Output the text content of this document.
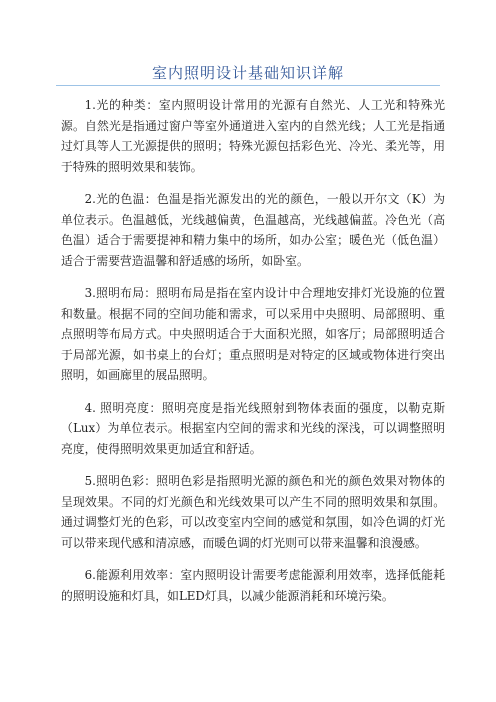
室内照明设计基础知识详解

1.光的种类：室内照明设计常用的光源有自然光、人工光和特殊光源。自然光是指通过窗户等室外通道进入室内的自然光线；人工光是指通过灯具等人工光源提供的照明；特殊光源包括彩色光、冷光、柔光等，用于特殊的照明效果和装饰。

2.光的色温：色温是指光源发出的光的颜色，一般以开尔文（K）为单位表示。色温越低，光线越偏黄，色温越高，光线越偏蓝。冷色光（高色温）适合于需要提神和精力集中的场所，如办公室；暖色光（低色温）适合于需要营造温馨和舒适感的场所，如卧室。

3.照明布局：照明布局是指在室内设计中合理地安排灯光设施的位置和数量。根据不同的空间功能和需求，可以采用中央照明、局部照明、重点照明等布局方式。中央照明适合于大面积光照，如客厅；局部照明适合于局部光源，如书桌上的台灯；重点照明是对特定的区域或物体进行突出照明，如画廊里的展品照明。

4. 照明亮度：照明亮度是指光线照射到物体表面的强度，以勒克斯（Lux）为单位表示。根据室内空间的需求和光线的深浅，可以调整照明亮度，使得照明效果更加适宜和舒适。

5.照明色彩：照明色彩是指照明光源的颜色和光的颜色效果对物体的呈现效果。不同的灯光颜色和光线效果可以产生不同的照明效果和氛围。通过调整灯光的色彩，可以改变室内空间的感觉和氛围，如冷色调的灯光可以带来现代感和清凉感，而暖色调的灯光则可以带来温馨和浪漫感。

6.能源利用效率：室内照明设计需要考虑能源利用效率，选择低能耗的照明设施和灯具，如LED灯具，以减少能源消耗和环境污染。
